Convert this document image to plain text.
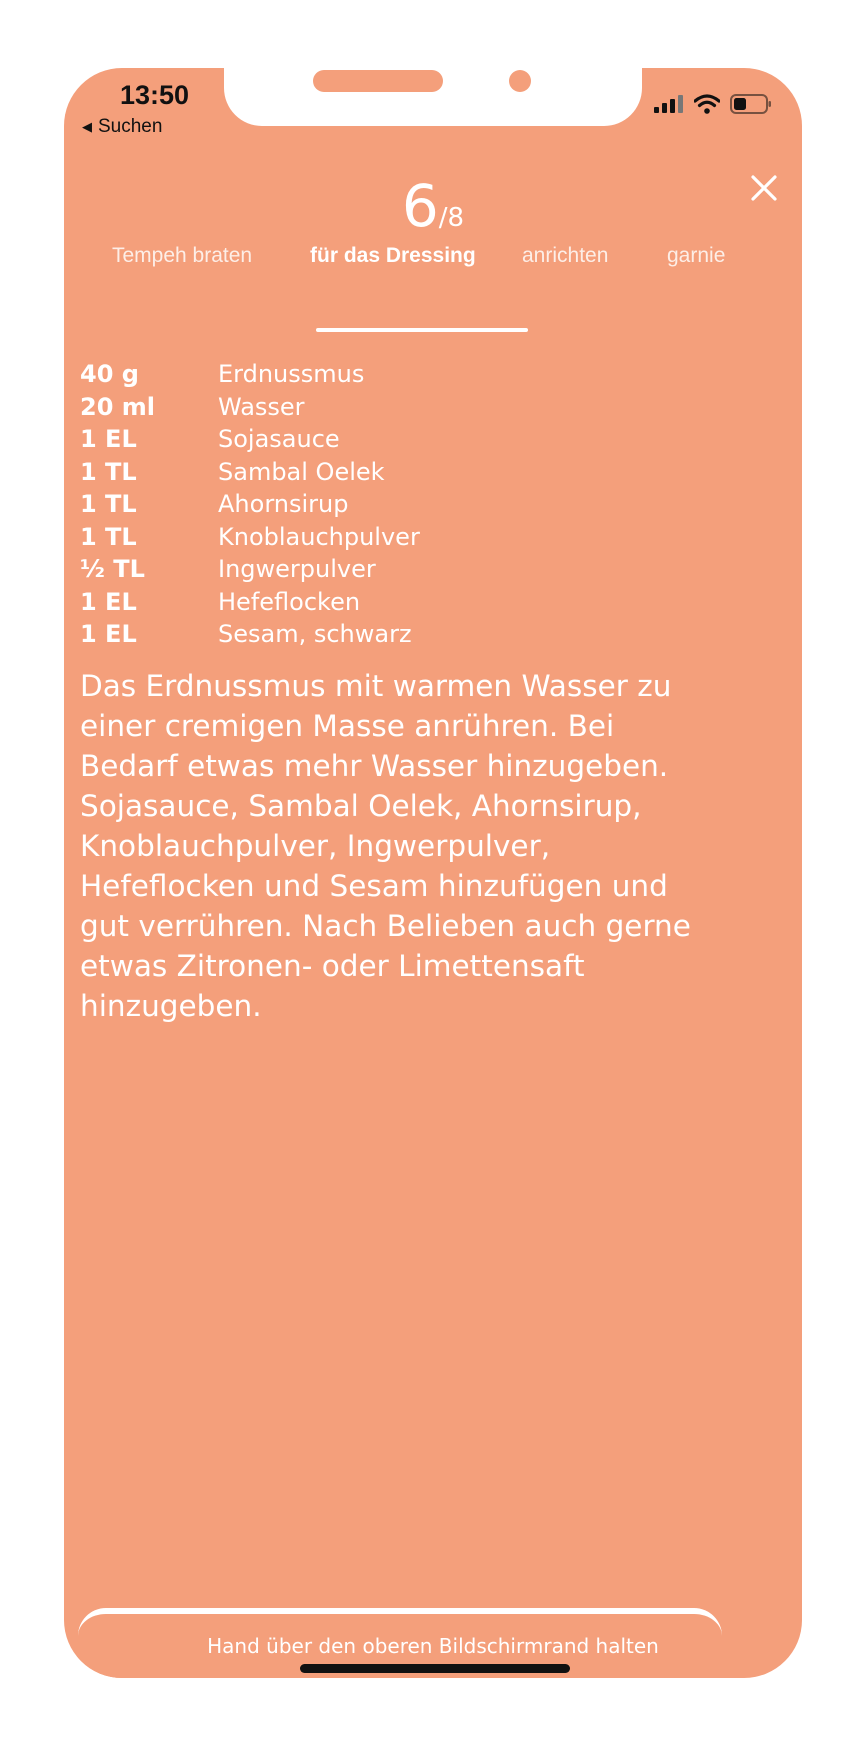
13:50
◀ Suchen
6/8
Tempeh braten	für das Dressing anrichten	garnie
40 g	Erdnussmus
20 ml	Wasser
1 EL	Sojasauce
1 TL	Sambal Oelek
1 TL	Ahornsirup
1 TL	Knoblauchpulver
½ TL	Ingwerpulver
1 EL	Hefeflocken
1 EL	Sesam, schwarz
Das Erdnussmus mit warmen Wasser zu einer cremigen Masse anrühren. Bei Bedarf etwas mehr Wasser hinzugeben. Sojasauce, Sambal Oelek, Ahornsirup, Knoblauchpulver, Ingwerpulver, Hefeflocken und Sesam hinzufügen und gut verrühren. Nach Belieben auch gerne etwas Zitronen- oder Limettensaft hinzugeben.
Hand über den oberen Bildschirmrand halten
